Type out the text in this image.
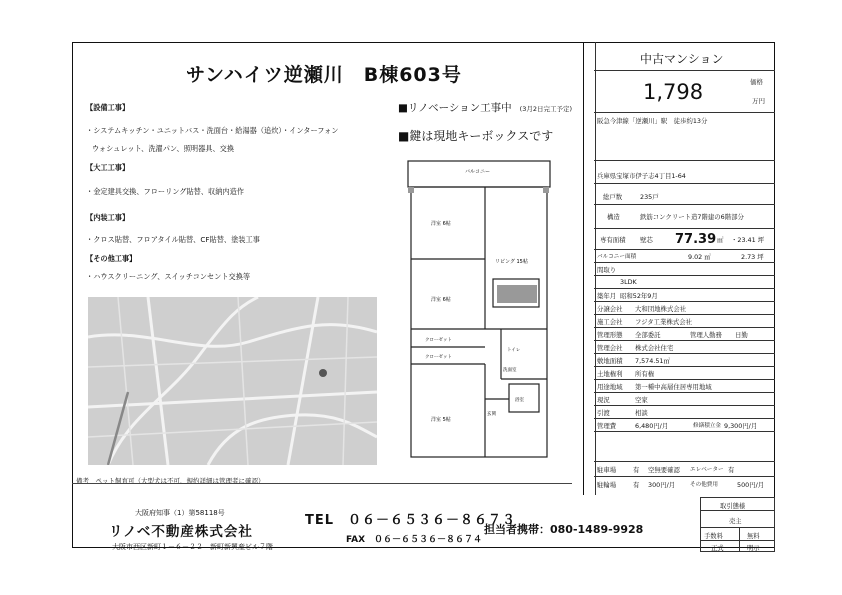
サンハイツ逆瀬川　B棟603号
■リノベーション工事中 (3月2日完工予定)
■鍵は現地キーボックスです
【設備工事】
・システムキッチン・ユニットバス・洗面台・給湯器（追炊）・インターフォン
ウォシュレット、洗濯パン、照明器具、交換
【大工工事】
・金定建具交換、フローリング貼替、収納内造作
【内装工事】
・クロス貼替、フロアタイル貼替、CF貼替、塗装工事
【その他工事】
・ハウスクリーニング、スイッチコンセント交換等
バルコニー
洋室 6帖
洋室 6帖
リビング 15帖
クローゼット
クローゼット
トイレ
洗面室
浴室
洋室 5帖
玄関
備考　ペット飼育可（大型犬は不可、規約詳細は管理者に確認）
大阪府知事（1）第58118号
リノベ不動産株式会社
大阪市西区新町１－６－２２　新町新興産ビル７階
TEL　０６－６５３６－８６７３
FAX　０６－６５３６－８６７４
担当者携帯：080-1489-9928
中古マンション
価格
1,798	万円
阪急今津線「逆瀬川」駅　徒歩約13分
兵庫県宝塚市伊子志4丁目1-64
総戸数	235戸
構造	鉄筋コンクリート造7階建の6階部分
専有面積 壁芯 77.39 ㎡ ・23.41 坪
バルコニー面積	9.02 ㎡	2.73 坪
間取り
3LDK
築年月 昭和52年9月
分譲会社 大和団地株式会社
施工会社 フジタ工業株式会社
管理形態 全部委託	管理人勤務 日勤
管理会社 株式会社住宅
敷地面積 7,574.51㎡
土地権利 所有権
用途地域 第一種中高層住居専用地域
現況	空家
引渡	相談
管理費	6,480円/月	修繕積立金 9,300円/月
駐車場	有 空無要確認 エレベーター 有
駐輪場	有 300円/月	その他費用	500円/月
取引態様
売主
手数料	無料
正式	明示
